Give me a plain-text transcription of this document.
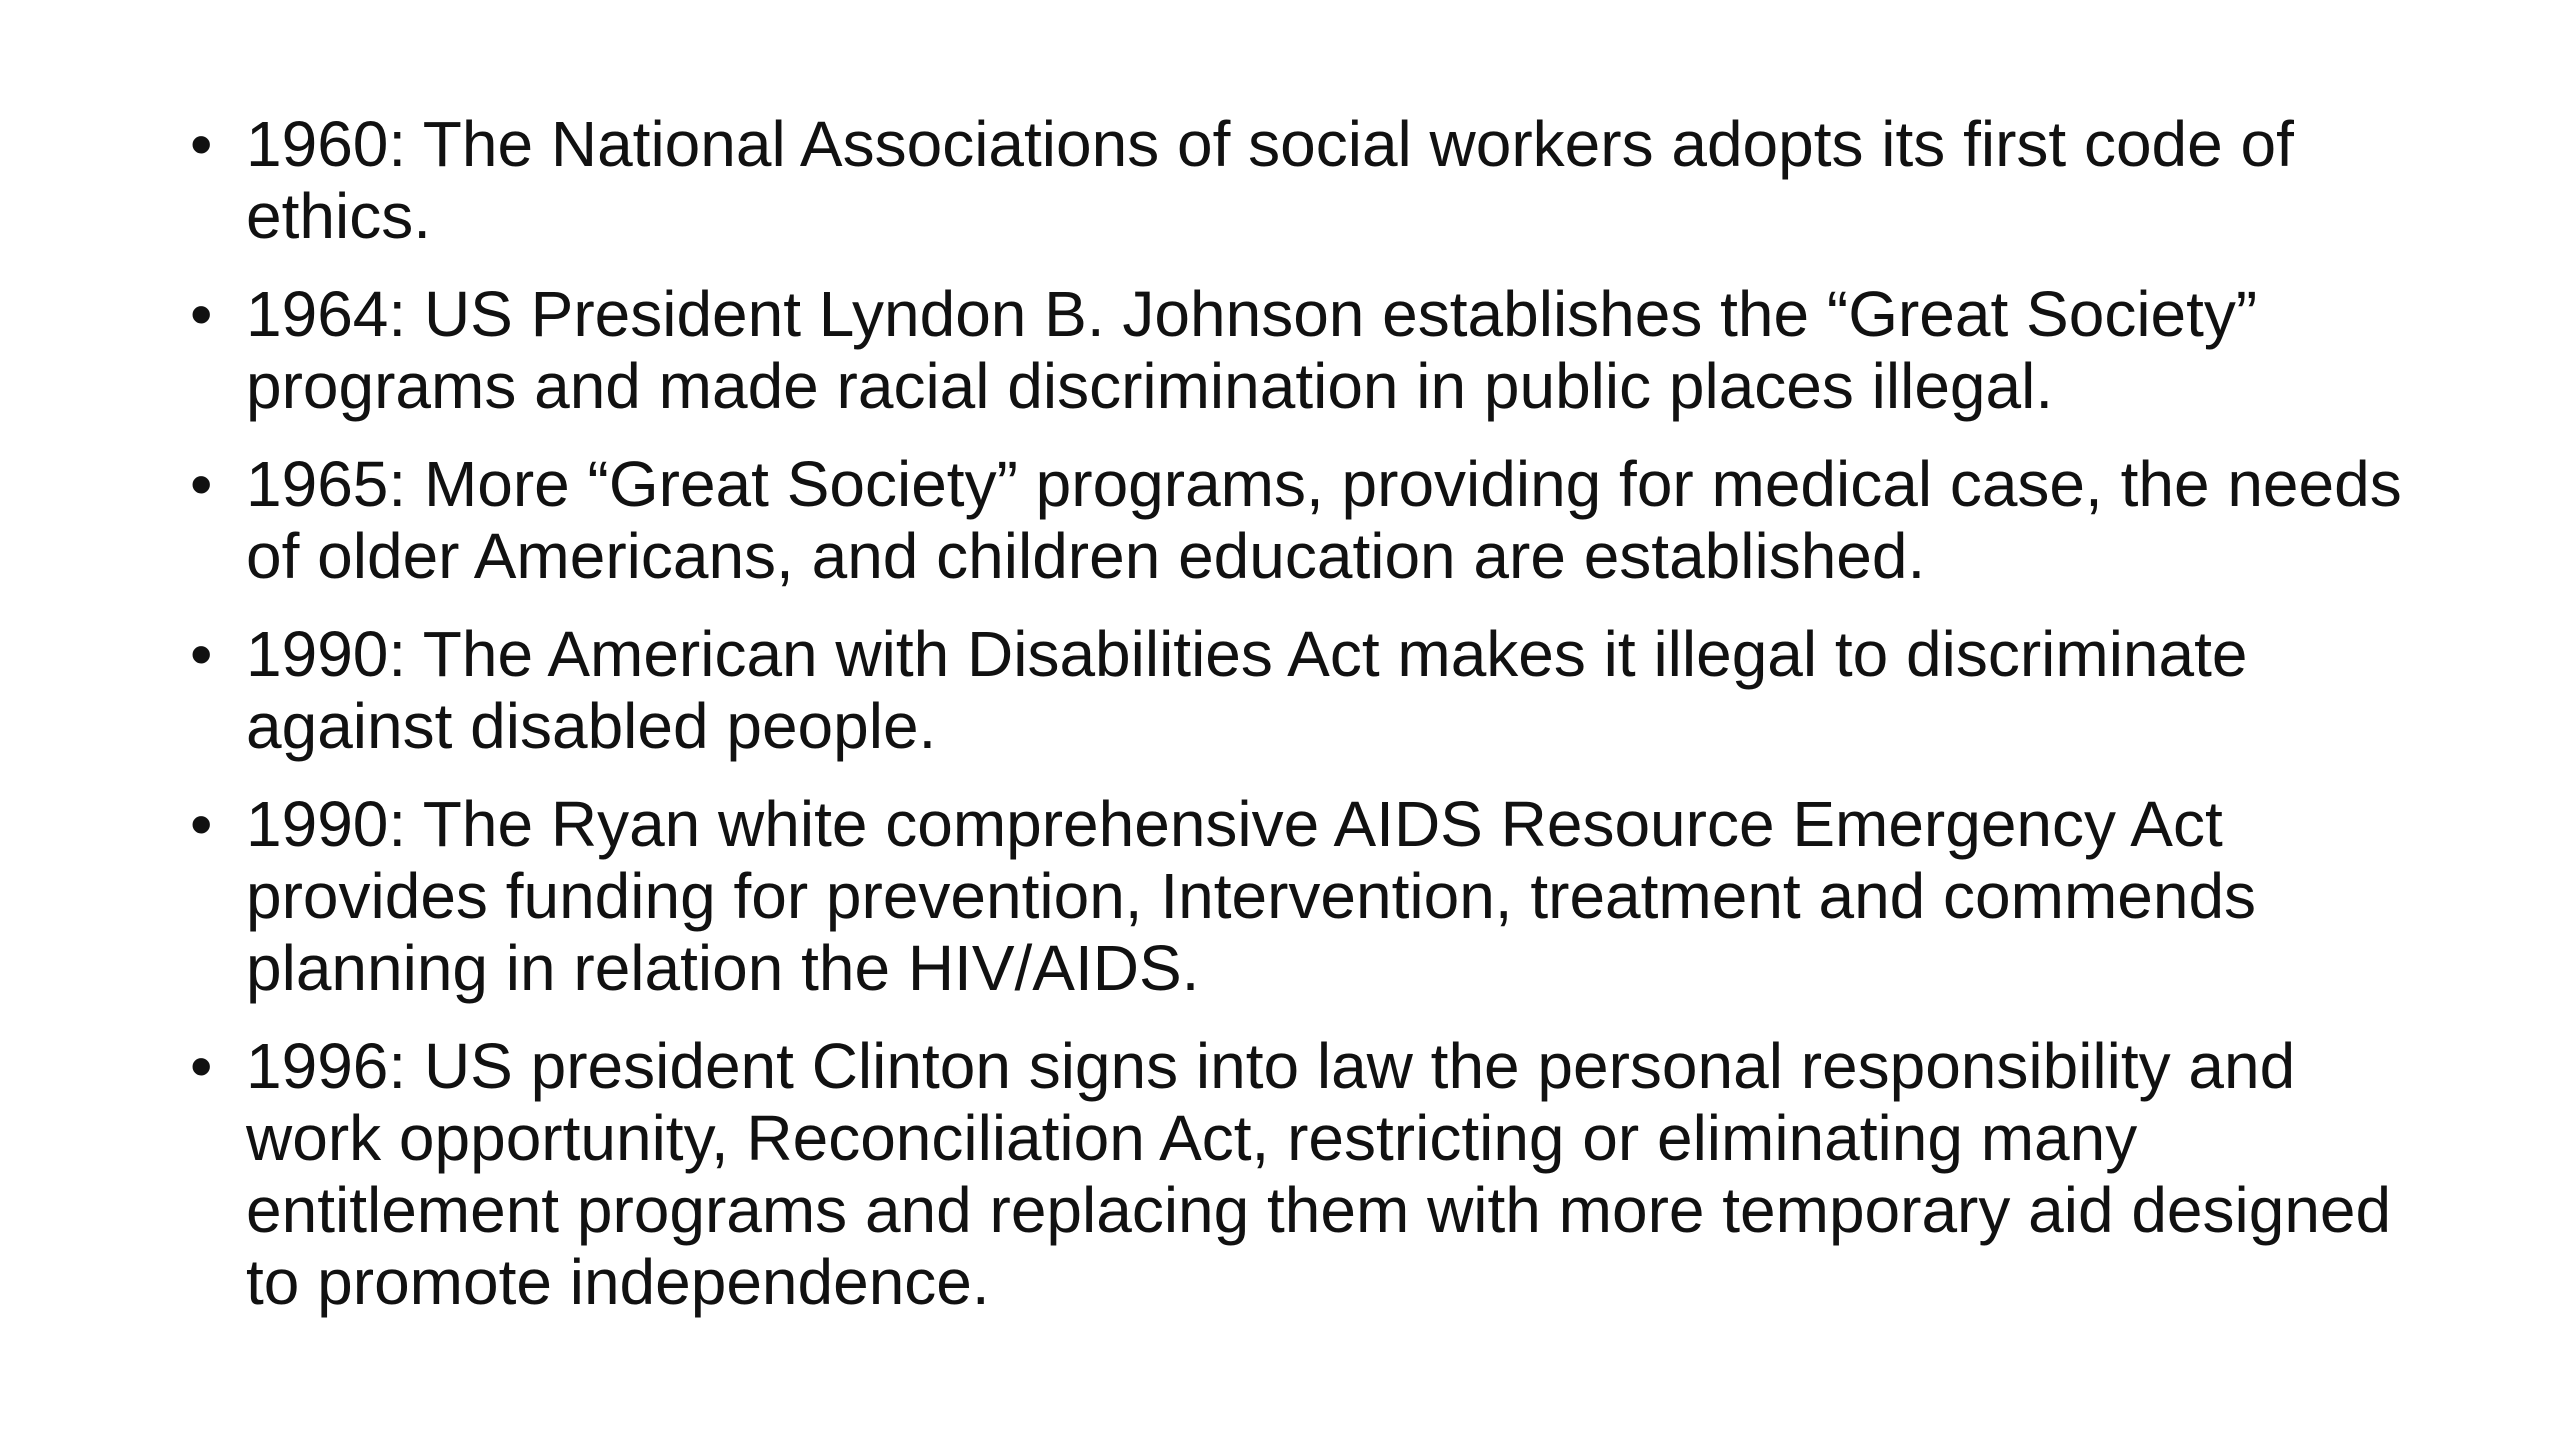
• 1960: The National Associations of social workers adopts its first code of ethics.
• 1964: US President Lyndon B. Johnson establishes the “Great Society” programs and made racial discrimination in public places illegal.
• 1965: More “Great Society” programs, providing for medical case, the needs of older Americans, and children education are established.
• 1990: The American with Disabilities Act makes it illegal to discriminate against disabled people.
• 1990: The Ryan white comprehensive AIDS Resource Emergency Act provides funding for prevention, Intervention, treatment and commends planning in relation the HIV/AIDS.
• 1996: US president Clinton signs into law the personal responsibility and work opportunity, Reconciliation Act, restricting or eliminating many entitlement programs and replacing them with more temporary aid designed to promote independence.
